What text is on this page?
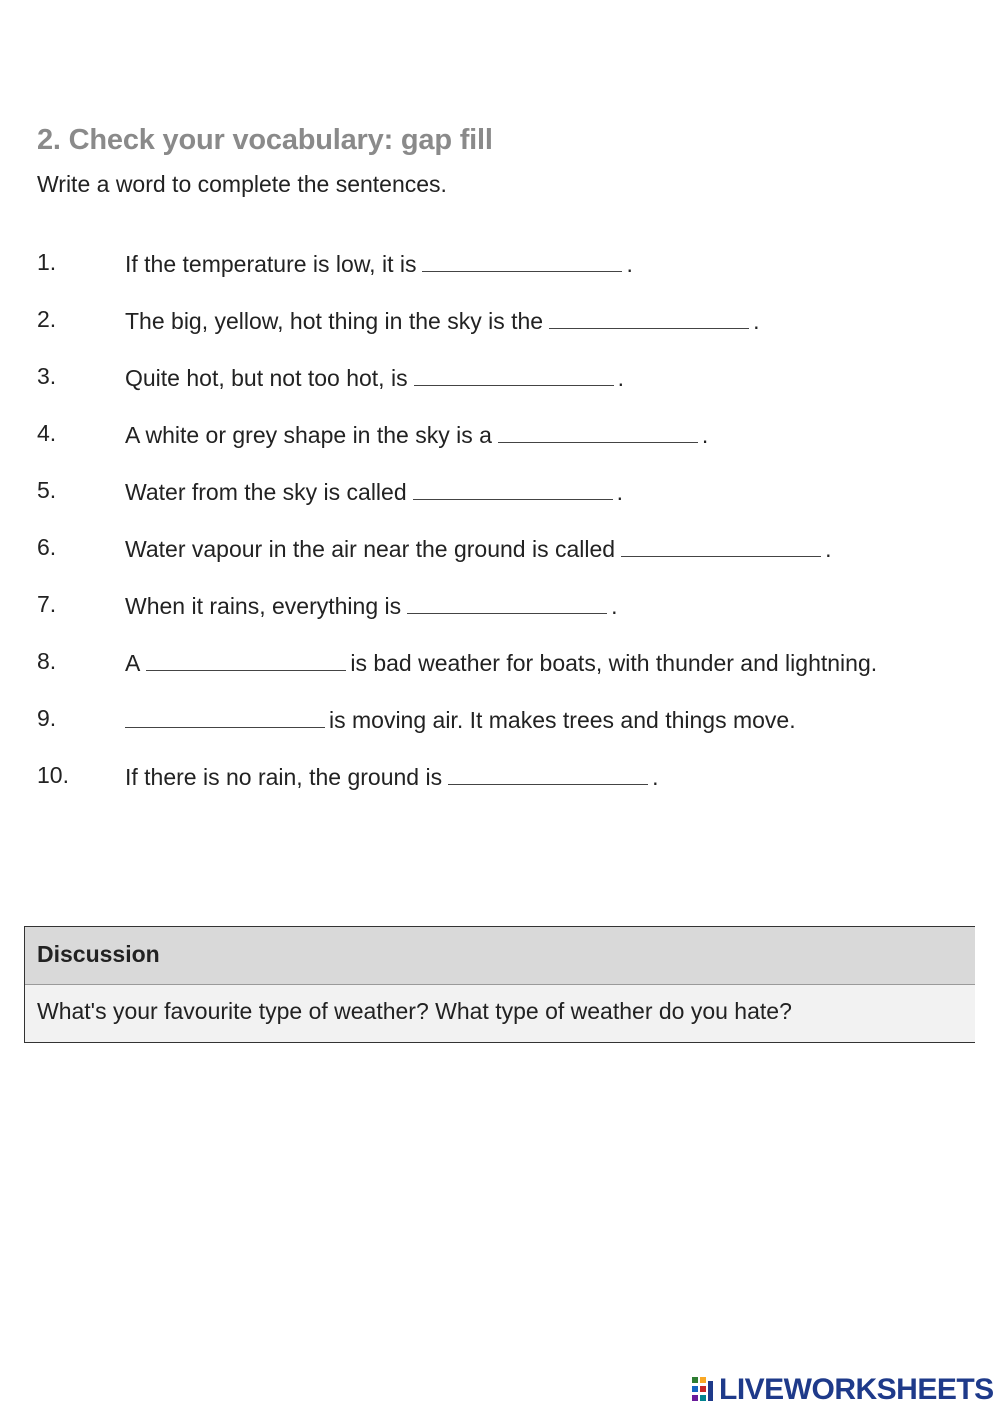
2. Check your vocabulary: gap fill

Write a word to complete the sentences.

1.	If the temperature is low, it is	.
2.	The big, yellow, hot thing in the sky is the	.
3.	Quite hot, but not too hot, is	.
4.	A white or grey shape in the sky is a	.
5.	Water from the sky is called	.
6.	Water vapour in the air near the ground is called	.
7.	When it rains, everything is	.
8.	A	is bad weather for boats, with thunder and lightning.
9.	is moving air. It makes trees and things move.
10. If there is no rain, the ground is	.
Discussion
What's your favourite type of weather? What type of weather do you hate?
LIVEWORKSHEETS
